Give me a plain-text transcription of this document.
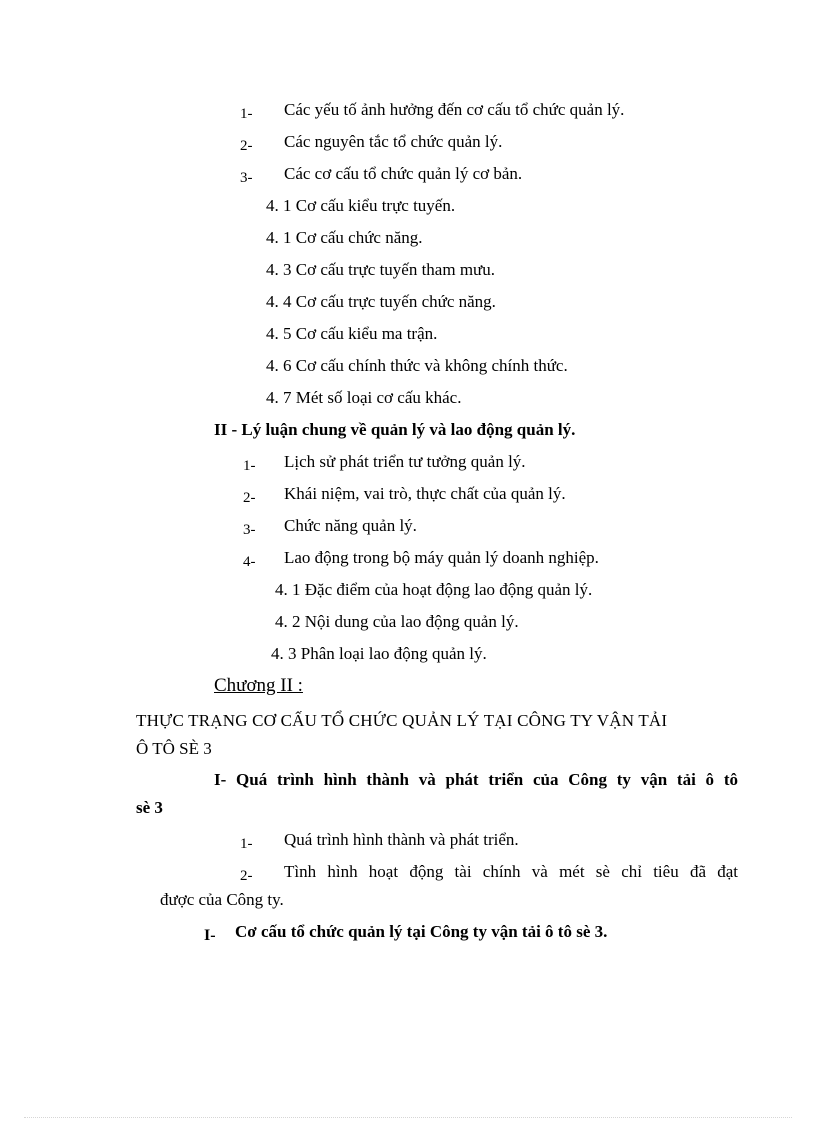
1- Các yếu tố ảnh hưởng đến cơ cấu tổ chức quản lý.
2- Các nguyên tắc tổ chức quản lý.
3- Các cơ cấu tổ chức quản lý cơ bản.
4. 1 Cơ cấu kiểu trực tuyến.
4. 1 Cơ cấu chức năng.
4. 3 Cơ cấu trực tuyến tham mưu.
4. 4 Cơ cấu trực tuyến chức năng.
4. 5 Cơ cấu kiểu ma trận.
4. 6 Cơ cấu chính thức và không chính thức.
4. 7 Mét số loại cơ cấu khác.
II - Lý luận chung về quản lý và lao động quản lý.
1- Lịch sử phát triển tư tưởng quản lý.
2- Khái niệm, vai trò, thực chất của quản lý.
3- Chức năng quản lý.
4- Lao động trong bộ máy quản lý doanh nghiệp.
4. 1 Đặc điểm của hoạt động lao động quản lý.
4. 2 Nội dung của lao động quản lý.
4. 3 Phân loại lao động quản lý.
Chương II :
THỰC TRẠNG CƠ CẤU TỔ CHỨC QUẢN LÝ TẠI CÔNG TY VẬN TẢI
Ô TÔ SÈ 3
I- Quá trình hình thành và phát triển của Công ty vận tải ô tô
sè 3
1- Quá trình hình thành và phát triển.
2- Tình hình hoạt động tài chính và mét sè chỉ tiêu đã đạt
được của Công ty.
I- Cơ cấu tổ chức quản lý tại Công ty vận tải ô tô sè 3.
